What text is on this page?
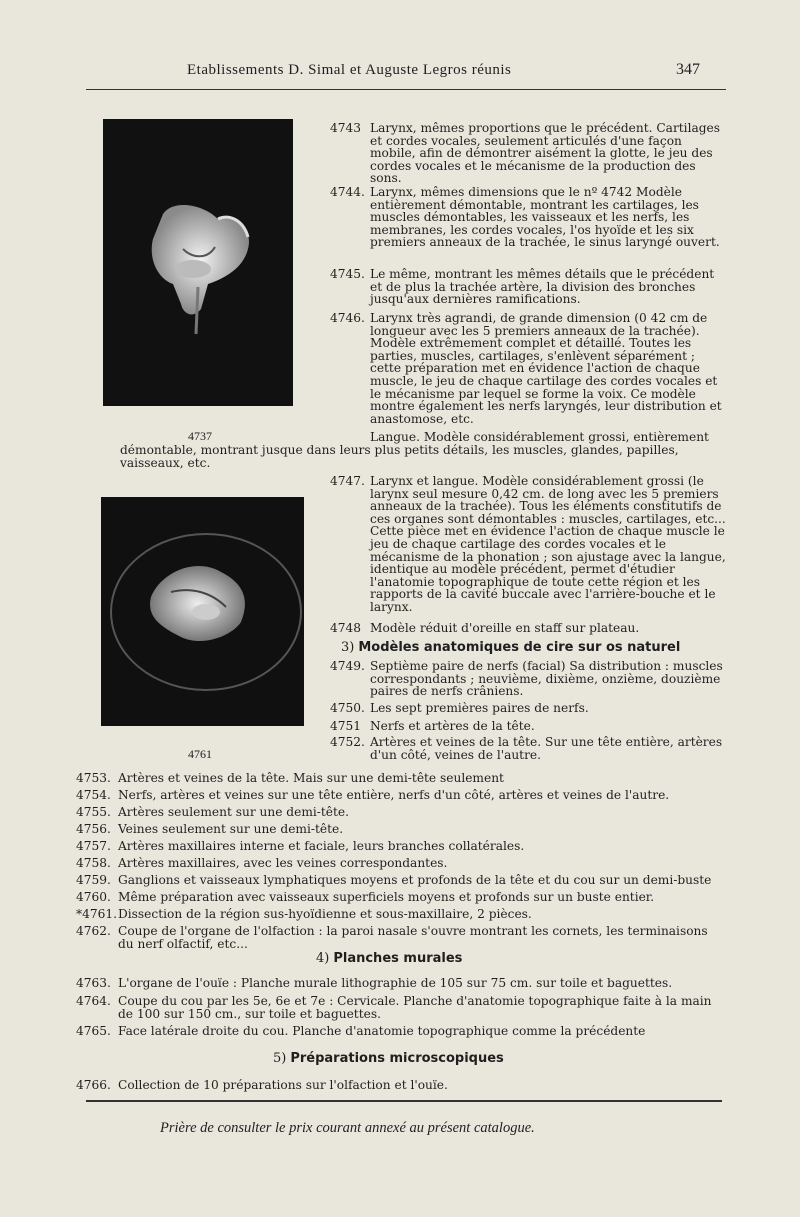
Etablissements D. Simal et Auguste Legros réunis	347
4737
4761
4743 Larynx, mêmes proportions que le précédent. Cartilages et cordes vocales, seulement articulés d'une façon mobile, afin de démontrer aisément la glotte, le jeu des cordes vocales et le mécanisme de la production des sons.
4744. Larynx, mêmes dimensions que le nº 4742 Modèle entièrement démontable, montrant les cartilages, les muscles démontables, les vaisseaux et les nerfs, les membranes, les cordes vocales, l'os hyoïde et les six premiers anneaux de la trachée, le sinus laryngé ouvert.
4745. Le même, montrant les mêmes détails que le précédent et de plus la trachée artère, la division des bronches jusqu'aux dernières ramifications.
4746. Larynx très agrandi, de grande dimension (0 42 cm de longueur avec les 5 premiers anneaux de la trachée). Modèle extrêmement complet et détaillé. Toutes les parties, muscles, cartilages, s'enlèvent séparément ; cette préparation met en évidence l'action de chaque muscle, le jeu de chaque cartilage des cordes vocales et le mécanisme par lequel se forme la voix. Ce modèle montre également les nerfs laryngés, leur distribution et anastomose, etc.
Langue. Modèle considérablement grossi, entièrement
démontable, montrant jusque dans leurs plus petits détails, les muscles, glandes, papilles, vaisseaux, etc.
4747. Larynx et langue. Modèle considérablement grossi (le larynx seul mesure 0,42 cm. de long avec les 5 premiers anneaux de la trachée). Tous les éléments constitutifs de ces organes sont démontables : muscles, cartilages, etc... Cette pièce met en évidence l'action de chaque muscle le jeu de chaque cartilage des cordes vocales et le mécanisme de la phonation ; son ajustage avec la langue, identique au modèle précédent, permet d'étudier l'anatomie topographique de toute cette région et les rapports de la cavité buccale avec l'arrière-bouche et le larynx.
4748 Modèle réduit d'oreille en staff sur plateau.
3) Modèles anatomiques de cire sur os naturel
4749. Septième paire de nerfs (facial) Sa distribution : muscles correspondants ; neuvième, dixième, onzième, douzième paires de nerfs crâniens.
4750. Les sept premières paires de nerfs.
4751 Nerfs et artères de la tête.
4752. Artères et veines de la tête. Sur une tête entière, artères d'un côté, veines de l'autre.
4753. Artères et veines de la tête. Mais sur une demi-tête seulement
4754. Nerfs, artères et veines sur une tête entière, nerfs d'un côté, artères et veines de l'autre.
4755. Artères seulement sur une demi-tête.
4756. Veines seulement sur une demi-tête.
4757. Artères maxillaires interne et faciale, leurs branches collatérales.
4758. Artères maxillaires, avec les veines correspondantes.
4759. Ganglions et vaisseaux lymphatiques moyens et profonds de la tête et du cou sur un demi-buste
4760. Même préparation avec vaisseaux superficiels moyens et profonds sur un buste entier.
*4761. Dissection de la région sus-hyoïdienne et sous-maxillaire, 2 pièces.
4762. Coupe de l'organe de l'olfaction : la paroi nasale s'ouvre montrant les cornets, les terminaisons du nerf olfactif, etc...
4) Planches murales
4763. L'organe de l'ouïe : Planche murale lithographie de 105 sur 75 cm. sur toile et baguettes.
4764. Coupe du cou par les 5e, 6e et 7e : Cervicale. Planche d'anatomie topographique faite à la main de 100 sur 150 cm., sur toile et baguettes.
4765. Face latérale droite du cou. Planche d'anatomie topographique comme la précédente
5) Préparations microscopiques
4766. Collection de 10 préparations sur l'olfaction et l'ouïe.
Prière de consulter le prix courant annexé au présent catalogue.
